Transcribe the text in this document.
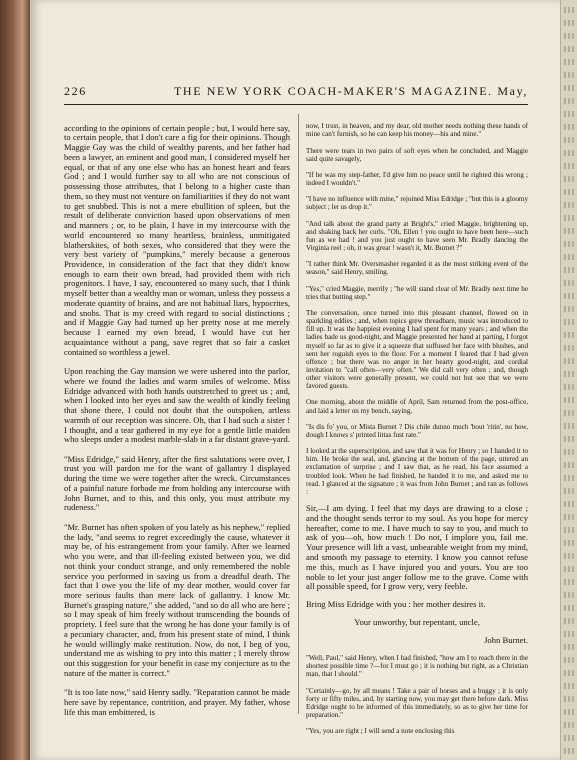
226	THE NEW YORK COACH-MAKER'S MAGAZINE. May,

according to the opinions of certain people ; but, I would here say, to certain people, that I don't care a fig for their opinions. Though Maggie Gay was the child of wealthy parents, and her father had been a lawyer, an eminent and good man, I considered myself her equal, or that of any one else who has an honest heart and fears God ; and I would further say to all who are not conscious of possessing those attributes, that I belong to a higher caste than them, so they must not venture on familiarities if they do not want to get snubbed. This is not a mere ebullition of spleen, but the result of deliberate conviction based upon observations of men and manners ; or, to be plain, I have in my intercourse with the world encountered so many heartless, brainless, unmitigated blatherskites, of both sexes, who considered that they were the very best variety of "pumpkins," merely because a generous Providence, in consideration of the fact that they didn't know enough to earn their own bread, had provided them with rich progenitors. I have, I say, encountered so many such, that I think myself better than a wealthy man or woman, unless they possess a moderate quantity of brains, and are not habitual liars, hypocrites, and snobs. That is my creed with regard to social distinctions ; and if Maggie Gay had turned up her pretty nose at me merely because I earned my own bread, I would have cut her acquaintance without a pang, save regret that so fair a casket contained so worthless a jewel.

Upon reaching the Gay mansion we were ushered into the parlor, where we found the ladies and warm smiles of welcome. Miss Edridge advanced with both hands outstretched to greet us ; and, when I looked into her eyes and saw the wealth of kindly feeling that shone there, I could not doubt that the outspoken, artless warmth of our reception was sincere. Oh, that I had such a sister ! I thought, and a tear gathered in my eye for a gentle little maiden who sleeps under a modest marble-slab in a far distant grave-yard.

"Miss Edridge," said Henry, after the first salutations were over, I trust you will pardon me for the want of gallantry I displayed during the time we were together after the wreck. Circumstances of a painful nature forbade me from holding any intercourse with John Burnet, and to this, and this only, you must attribute my rudeness."

"Mr. Burnet has often spoken of you lately as his nephew," replied the lady, "and seems to regret exceedingly the cause, whatever it may be, of his estrangement from your family. After we learned who you were, and that ill-feeling existed between you, we did not think your conduct strange, and only remembered the noble service you performed in saving us from a dreadful death. The fact that I owe you the life of my dear mother, would cover far more serious faults than mere lack of gallantry. I know Mr. Burnet's grasping nature," she added, "and so do all who are here ; so I may speak of him freely without transcending the bounds of propriety. I feel sure that the wrong he has done your family is of a pecuniary character, and, from his present state of mind, I think he would willingly make restitution. Now, do not, I beg of you, understand me as wishing to pry into this matter ; I merely throw out this suggestion for your benefit in case my conjecture as to the nature of the matter is correct."

"It is too late now," said Henry sadly. "Reparation cannot be made here save by repentance, contrition, and prayer. My father, whose life this man embittered, is

now, I trust, in heaven, and my dear, old mother needs nothing these hands of mine can't furnish, so he can keep his money—his and mine."

There were tears in two pairs of soft eyes when he concluded, and Maggie said quite savagely,

"If he was my step-father, I'd give him no peace until he righted this wrong ; indeed I wouldn't."

"I have no influence with mine," rejoined Miss Edridge ; "but this is a gloomy subject ; let us drop it."

"And talk about the grand party at Bright's," cried Maggie, brightening up, and shaking back her curls. "Oh, Ellen ! you ought to have been here—such fun as we had ! and you just ought to have seen Mr. Bradly dancing the Virginia reel ; oh, it was great ! wasn't it, Mr. Burnet ?"

"I rather think Mr. Oversmasher regarded it as the most striking event of the season," said Henry, smiling.

"Yes," cried Maggie, merrily ; "he will stand clear of Mr. Bradly next time he tries that butting step."

The conversation, once turned into this pleasant channel, flowed on in sparkling eddies ; and, when topics grew threadbare, music was introduced to fill up. It was the happiest evening I had spent for many years ; and when the ladies bade us good-night, and Maggie presented her hand at parting, I forgot myself so far as to give it a squeeze that suffused her face with blushes, and sent her roguish eyes to the floor. For a moment I feared that I had given offence ; but there was no anger in her hearty good-night, and cordial invitation to "call often—very often." We did call very often ; and, though other visitors were generally present, we could not but see that we were favored guests.

One morning, about the middle of April, Sam returned from the post-office, and laid a letter on my bench, saying,

"Is dis fo' you, or Mista Burnet ? Dis chile dunno much 'bout 'ritin', no how, dough I knows s' printed littas fust rate."

I looked at the superscription, and saw that it was for Henry ; so I handed it to him. He broke the seal, and, glancing at the bottom of the page, uttered an exclamation of surprise ; and I saw that, as he read, his face assumed a troubled look. When he had finished, he handed it to me, and asked me to read. I glanced at the signature ; it was from John Burnet ; and ran as follows :

Sir,—I am dying. I feel that my days are drawing to a close ; and the thought sends terror to my soul. As you hope for mercy hereafter, come to me. I have much to say to you, and much to ask of you—oh, how much ! Do not, I implore you, fail me. Your presence will lift a vast, unbearable weight from my mind, and smooth my passage to eternity. I know you cannot refuse me this, much as I have injured you and yours. You are too noble to let your just anger follow me to the grave. Come with all possible speed, for I grow very, very feeble.

Bring Miss Edridge with you : her mother desires it.

Your unworthy, but repentant, uncle,

John Burnet.

"Well, Paul," said Henry, when I had finished, "how am I to reach there in the shortest possible time ?—for I must go ; it is nothing but right, as a Christian man, that I should."

"Certainly—go, by all means ! Take a pair of horses and a buggy ; it is only forty or fifty miles, and, by starting now, you may get there before dark. Miss Edridge ought to be informed of this immediately, so as to give her time for preparation."

"Yes, you are right ; I will send a note enclosing this
